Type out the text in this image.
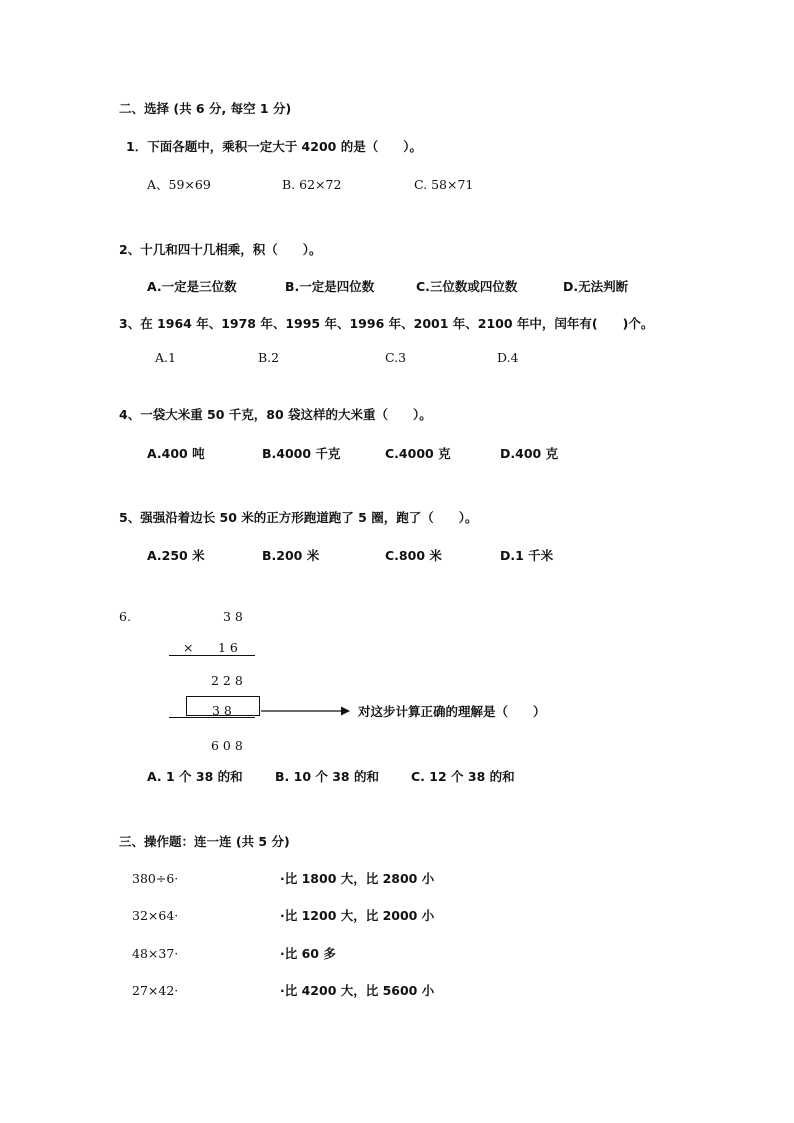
二、选择 (共 6 分, 每空 1 分)
1．下面各题中，乘积一定大于 4200 的是（　　）。
A、59×69	B. 62×72	C. 58×71
2、十几和四十几相乘，积（　　）。
A.一定是三位数	B.一定是四位数	C.三位数或四位数	D.无法判断
3、在 1964 年、1978 年、1995 年、1996 年、2001 年、2100 年中，闰年有(　　)个。
A.1	B.2	C.3	D.4
4、一袋大米重 50 千克，80 袋这样的大米重（　　）。
A.400 吨	B.4000 千克	C.4000 克	D.400 克
5、强强沿着边长 50 米的正方形跑道跑了 5 圈，跑了（　　）。
A.250 米	B.200 米	C.800 米	D.1 千米
6.	3 8
× 1 6
2 2 8
3 8
6 0 8
对这步计算正确的理解是（　　）
A. 1 个 38 的和	B. 10 个 38 的和	C. 12 个 38 的和
三、操作题：连一连 (共 5 分)
380÷6·	·比 1800 大，比 2800 小
32×64·	·比 1200 大，比 2000 小
48×37·	·比 60 多
27×42·	·比 4200 大，比 5600 小
